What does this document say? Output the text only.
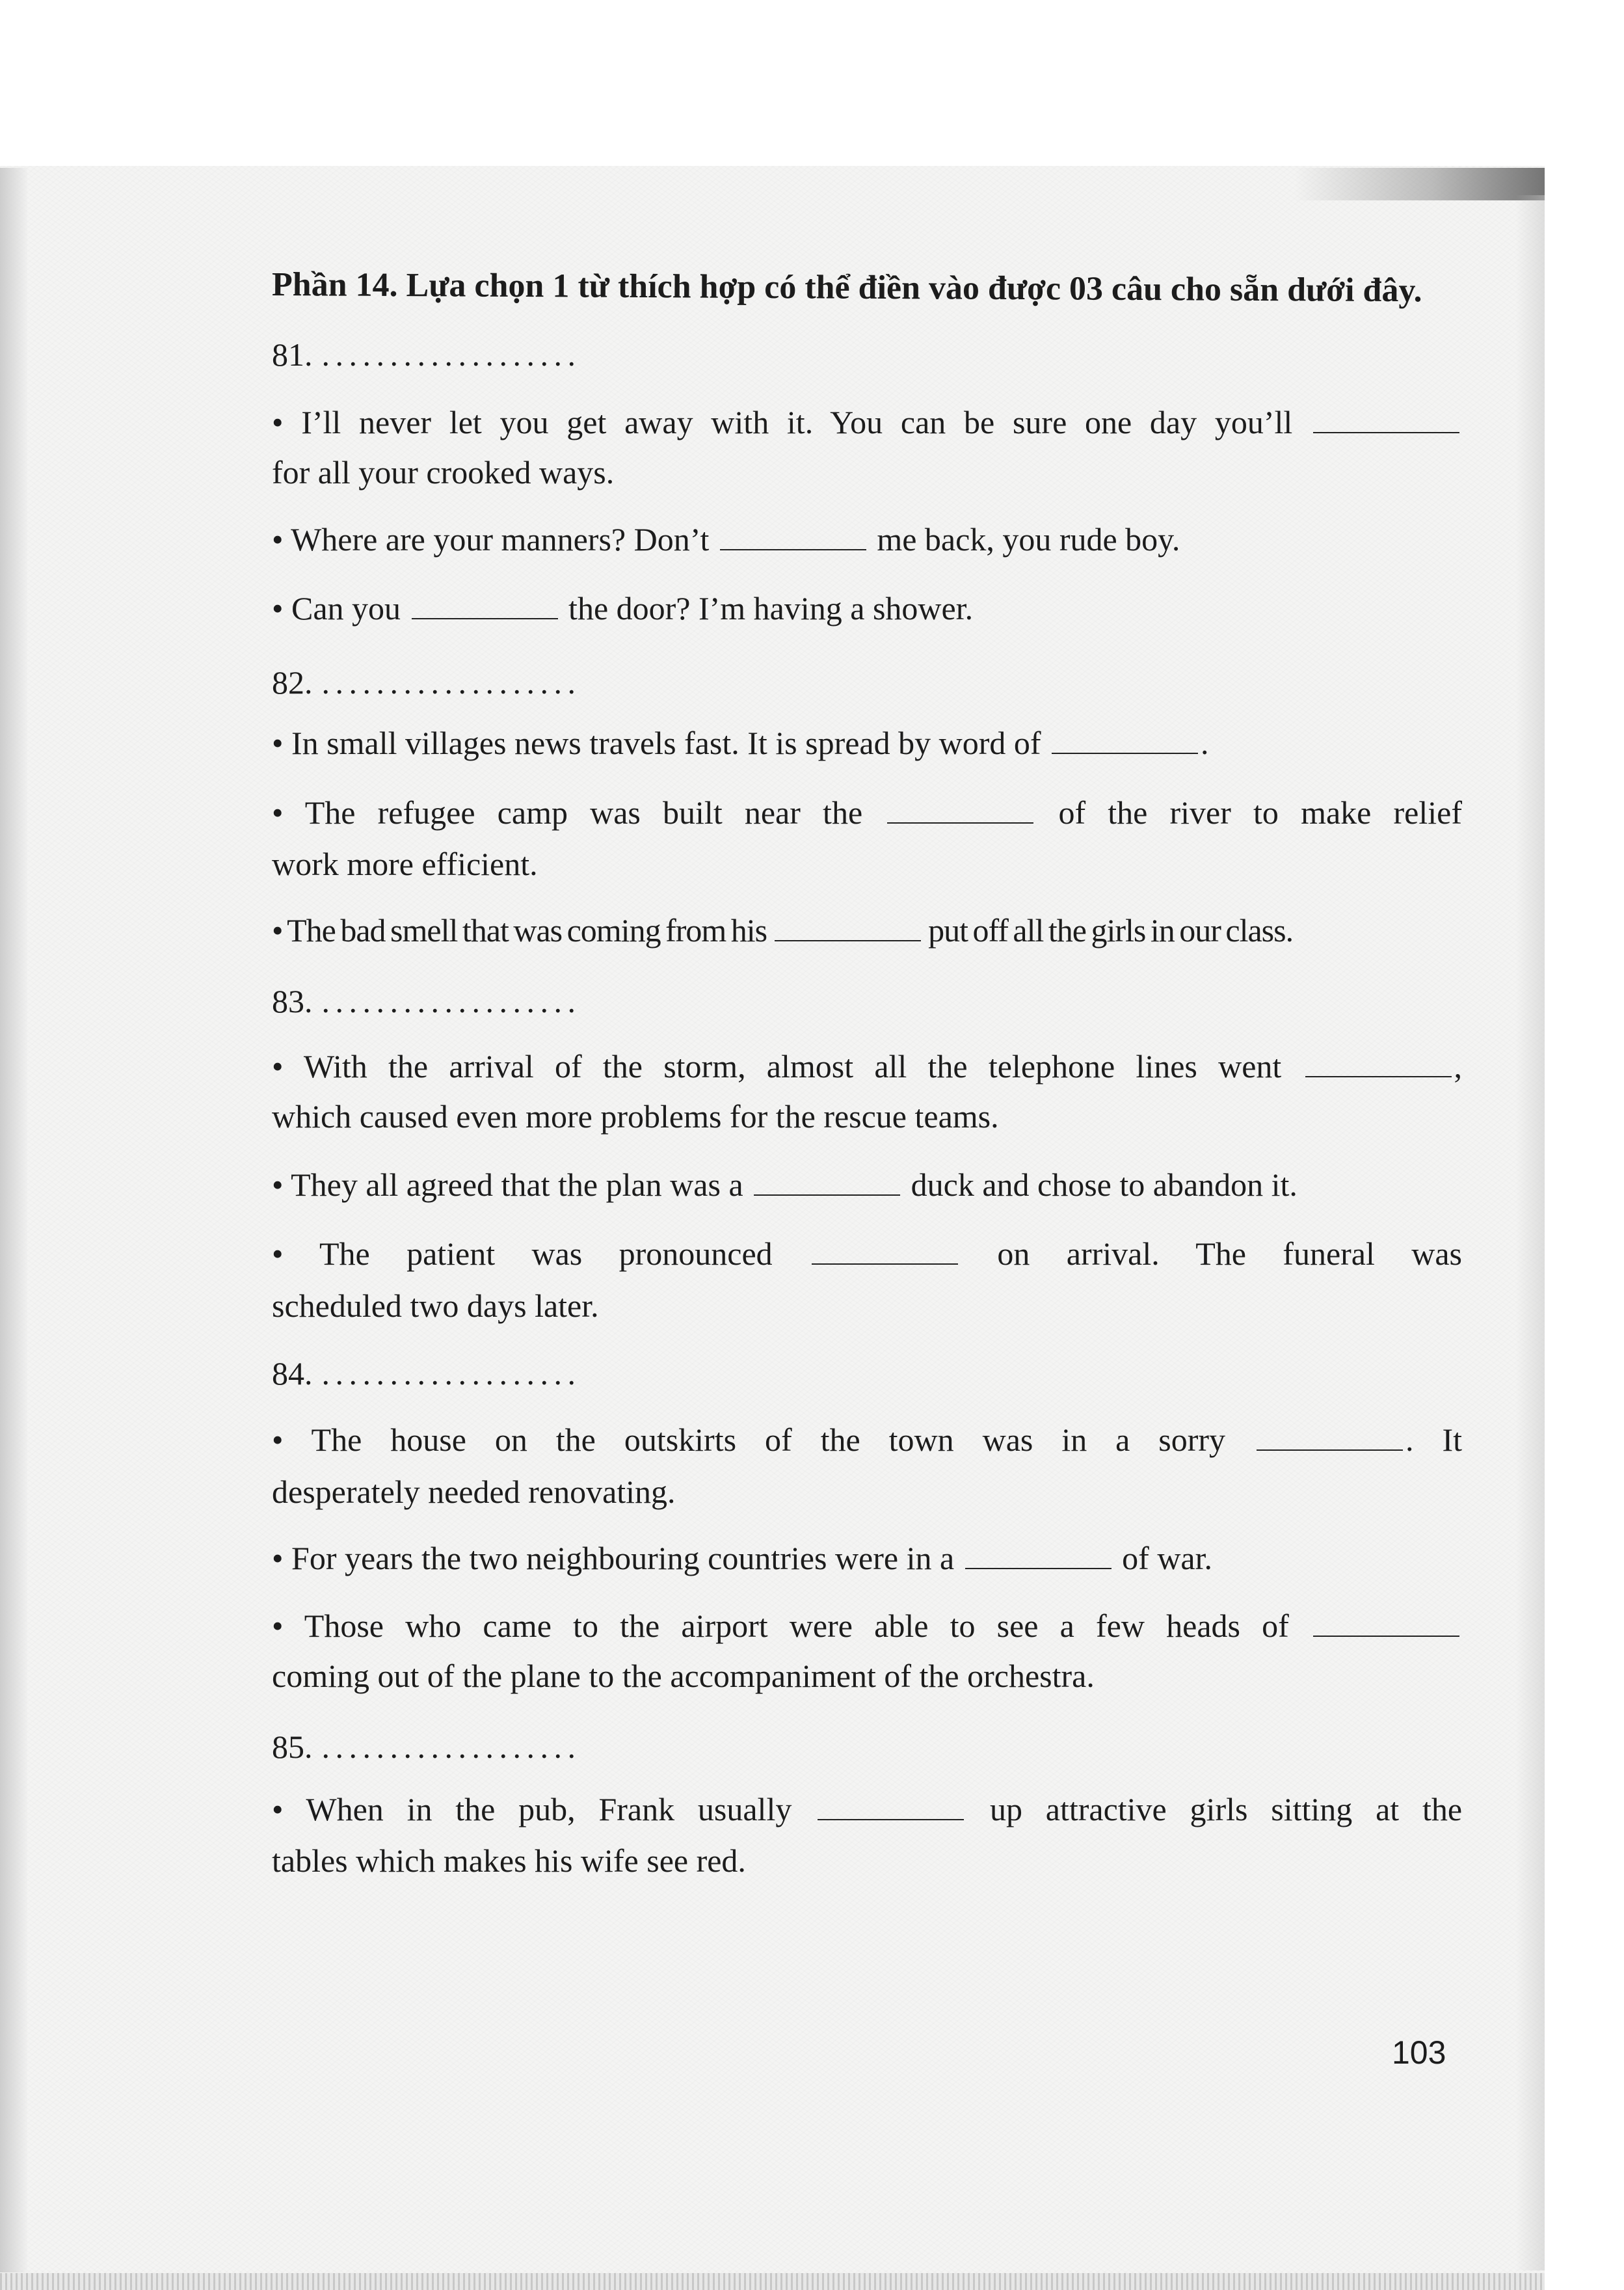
Phần 14. Lựa chọn 1 từ thích hợp có thể điền vào được 03 câu cho sẵn dưới đây.
81. ...................
• I’ll never let you get away with it. You can be sure one day you’ll
for all your crooked ways.
• Where are your manners? Don’t	me back, you rude boy.
• Can you	the door? I’m having a shower.
82. ...................
• In small villages news travels fast. It is spread by word of	.
• The refugee camp was built near the	of the river to make relief
work more efficient.
• The bad smell that was coming from his	put off all the girls in our class.
83. ...................
• With the arrival of the storm, almost all the telephone lines went	,
which caused even more problems for the rescue teams.
• They all agreed that the plan was a	duck and chose to abandon it.
• The patient was pronounced	on arrival. The funeral was
scheduled two days later.
84. ...................
• The house on the outskirts of the town was in a sorry	. It
desperately needed renovating.
• For years the two neighbouring countries were in a	of war.
• Those who came to the airport were able to see a few heads of
coming out of the plane to the accompaniment of the orchestra.
85. ...................
• When in the pub, Frank usually	up attractive girls sitting at the
tables which makes his wife see red.
103
